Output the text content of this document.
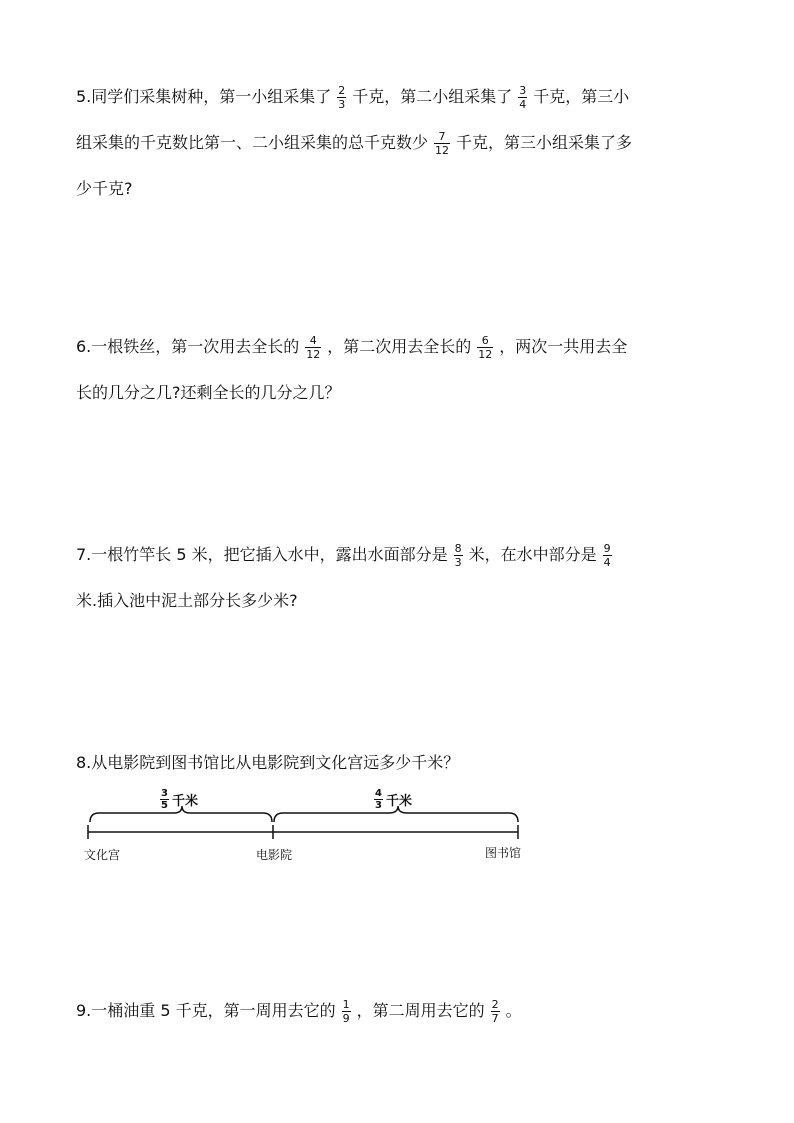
5.同学们采集树种，第一小组采集了 $\frac{2}{3}$ 千克，第二小组采集了 $\frac{3}{4}$ 千克，第三小
组采集的千克数比第一、二小组采集的总千克数少 $\frac{7}{12}$ 千克，第三小组采集了多
少千克?
6.一根铁丝，第一次用去全长的 $\frac{4}{12}$ ，第二次用去全长的 $\frac{6}{12}$ ，两次一共用去全
长的几分之几?还剩全长的几分之几？
7.一根竹竿长 5 米，把它插入水中，露出水面部分是 $\frac{8}{3}$ 米，在水中部分是 $\frac{9}{4}$
米.插入池中泥土部分长多少米?
8.从电影院到图书馆比从电影院到文化宫远多少千米？
$\frac{3}{5}$ 千米	$\frac{4}{3}$ 千米
文化宫	电影院	图书馆
9.一桶油重 5 千克，第一周用去它的 $\frac{1}{9}$ ，第二周用去它的 $\frac{2}{7}$ 。
